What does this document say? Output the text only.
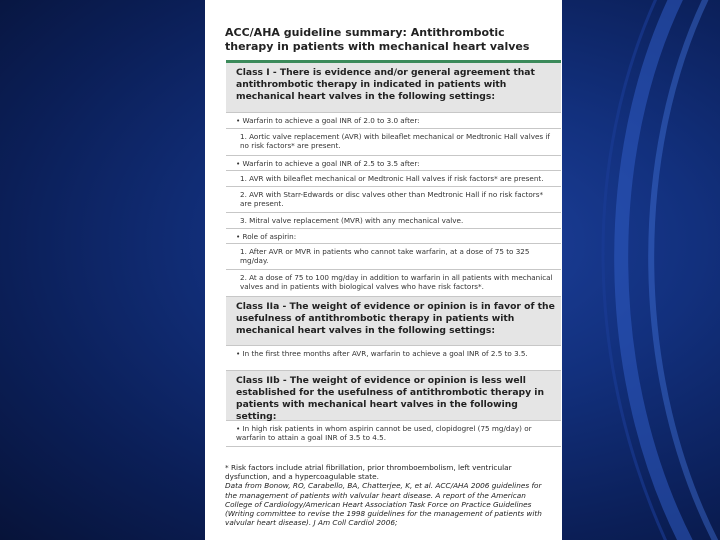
ACC/AHA guideline summary: Antithrombotic therapy in patients with mechanical heart valves
Class I - There is evidence and/or general agreement that antithrombotic therapy in indicated in patients with mechanical heart valves in the following settings:
• Warfarin to achieve a goal INR of 2.0 to 3.0 after:
1. Aortic valve replacement (AVR) with bileaflet mechanical or Medtronic Hall valves if no risk factors* are present.
• Warfarin to achieve a goal INR of 2.5 to 3.5 after:
1. AVR with bileaflet mechanical or Medtronic Hall valves if risk factors* are present.
2. AVR with Starr-Edwards or disc valves other than Medtronic Hall if no risk factors* are present.
3. Mitral valve replacement (MVR) with any mechanical valve.
• Role of aspirin:
1. After AVR or MVR in patients who cannot take warfarin, at a dose of 75 to 325 mg/day.
2. At a dose of 75 to 100 mg/day in addition to warfarin in all patients with mechanical valves and in patients with biological valves who have risk factors*.
Class IIa - The weight of evidence or opinion is in favor of the usefulness of antithrombotic therapy in patients with mechanical heart valves in the following settings:
• In the first three months after AVR, warfarin to achieve a goal INR of 2.5 to 3.5.
Class IIb - The weight of evidence or opinion is less well established for the usefulness of antithrombotic therapy in patients with mechanical heart valves in the following setting:
• In high risk patients in whom aspirin cannot be used, clopidogrel (75 mg/day) or warfarin to attain a goal INR of 3.5 to 4.5.
* Risk factors include atrial fibrillation, prior thromboembolism, left ventricular dysfunction, and a hypercoagulable state.
Data from Bonow, RO, Carabello, BA, Chatterjee, K, et al. ACC/AHA 2006 guidelines for the management of patients with valvular heart disease. A report of the American College of Cardiology/American Heart Association Task Force on Practice Guidelines (Writing committee to revise the 1998 guidelines for the management of patients with valvular heart disease). J Am Coll Cardiol 2006;
